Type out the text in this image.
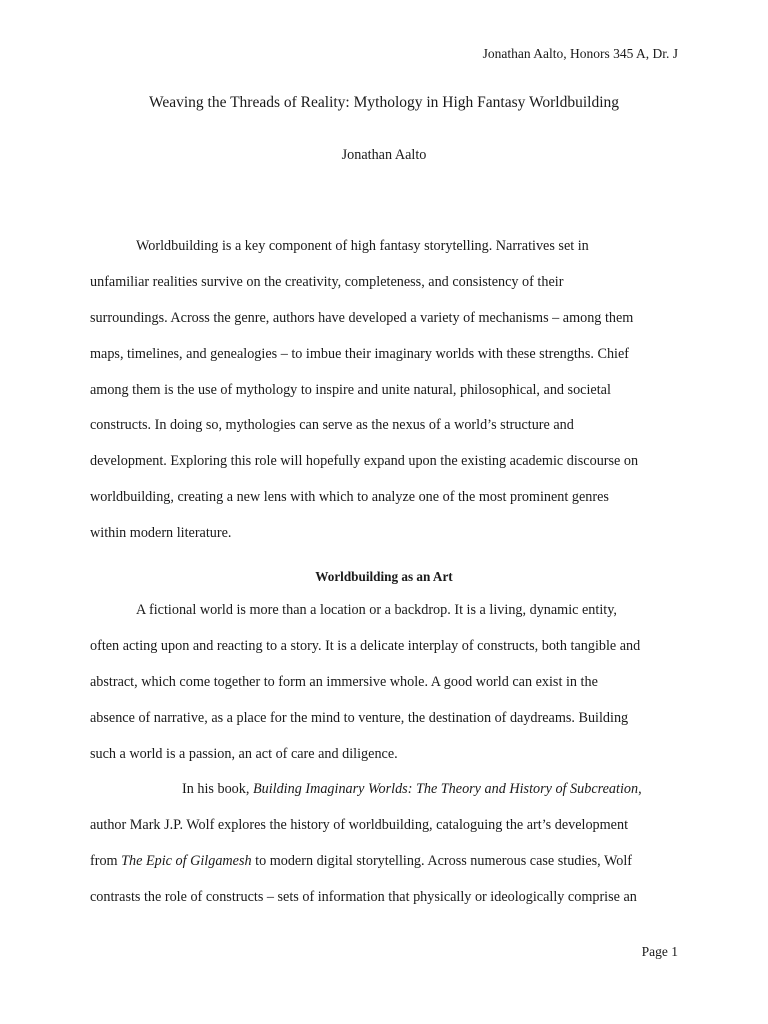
Jonathan Aalto, Honors 345 A, Dr. J
Weaving the Threads of Reality: Mythology in High Fantasy Worldbuilding
Jonathan Aalto
Worldbuilding is a key component of high fantasy storytelling. Narratives set in
unfamiliar realities survive on the creativity, completeness, and consistency of their
surroundings. Across the genre, authors have developed a variety of mechanisms – among them
maps, timelines, and genealogies – to imbue their imaginary worlds with these strengths. Chief
among them is the use of mythology to inspire and unite natural, philosophical, and societal
constructs. In doing so, mythologies can serve as the nexus of a world’s structure and
development. Exploring this role will hopefully expand upon the existing academic discourse on
worldbuilding, creating a new lens with which to analyze one of the most prominent genres
within modern literature.
Worldbuilding as an Art
A fictional world is more than a location or a backdrop. It is a living, dynamic entity,
often acting upon and reacting to a story. It is a delicate interplay of constructs, both tangible and
abstract, which come together to form an immersive whole. A good world can exist in the
absence of narrative, as a place for the mind to venture, the destination of daydreams. Building
such a world is a passion, an act of care and diligence.
In his book, Building Imaginary Worlds: The Theory and History of Subcreation,
author Mark J.P. Wolf explores the history of worldbuilding, cataloguing the art’s development
from The Epic of Gilgamesh to modern digital storytelling. Across numerous case studies, Wolf
contrasts the role of constructs – sets of information that physically or ideologically comprise an
Page 1
